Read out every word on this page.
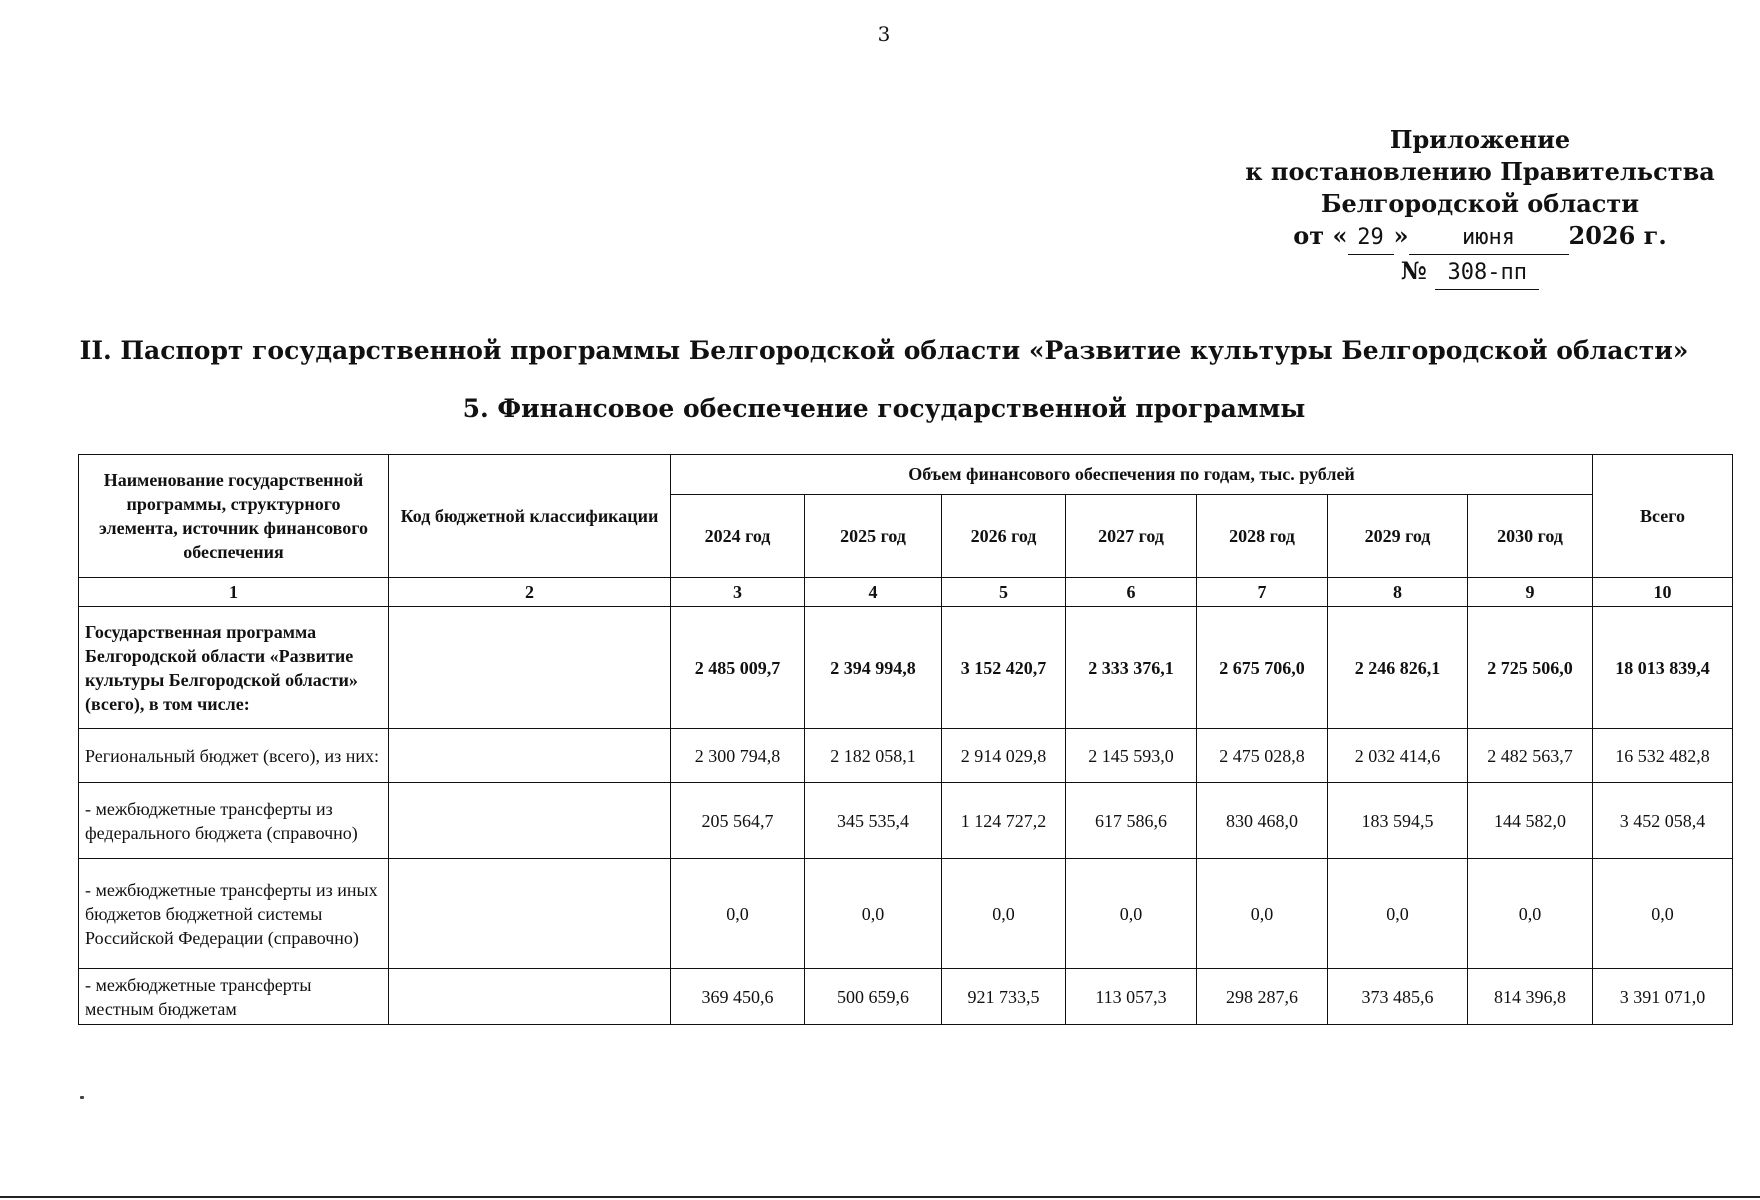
3
Приложение
к постановлению Правительства
Белгородской области
от « 29 » июня 2026 г.
№ 308-пп
II. Паспорт государственной программы Белгородской области «Развитие культуры Белгородской области»
5. Финансовое обеспечение государственной программы
Наименование государственной программы, структурного элемента, источник финансового обеспечения	Код бюджетной классификации	Объем финансового обеспечения по годам, тыс. рублей							Всего
		2024 год	2025 год	2026 год	2027 год	2028 год	2029 год	2030 год	
1	2	3	4	5	6	7	8	9	10
Государственная программа Белгородской области «Развитие культуры Белгородской области» (всего), в том числе:		2 485 009,7	2 394 994,8	3 152 420,7	2 333 376,1	2 675 706,0	2 246 826,1	2 725 506,0	18 013 839,4
Региональный бюджет (всего), из них:		2 300 794,8	2 182 058,1	2 914 029,8	2 145 593,0	2 475 028,8	2 032 414,6	2 482 563,7	16 532 482,8
- межбюджетные трансферты из федерального бюджета (справочно)		205 564,7	345 535,4	1 124 727,2	617 586,6	830 468,0	183 594,5	144 582,0	3 452 058,4
- межбюджетные трансферты из иных бюджетов бюджетной системы Российской Федерации (справочно)		0,0	0,0	0,0	0,0	0,0	0,0	0,0	0,0
- межбюджетные трансферты местным бюджетам		369 450,6	500 659,6	921 733,5	113 057,3	298 287,6	373 485,6	814 396,8	3 391 071,0
